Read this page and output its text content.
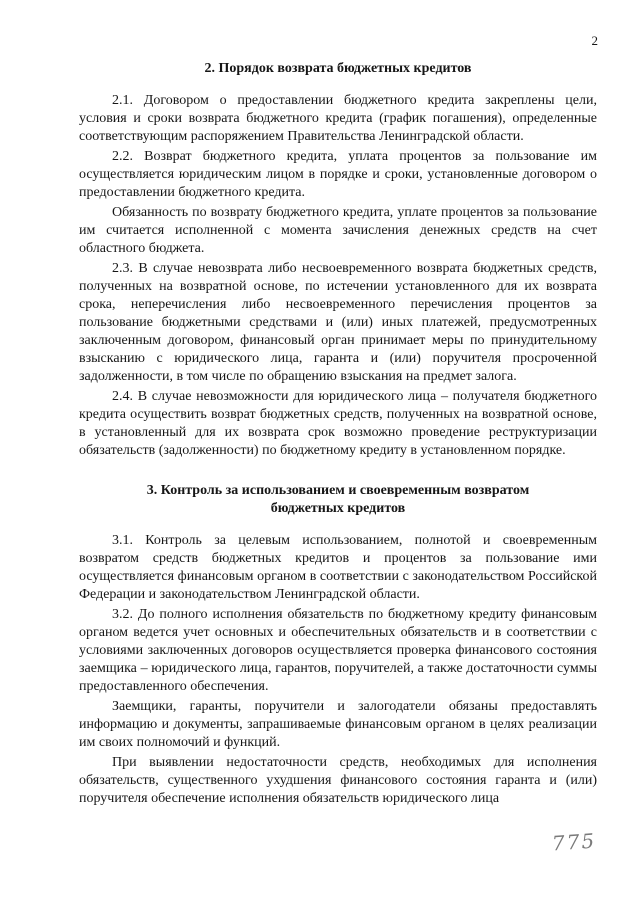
2

2. Порядок возврата бюджетных кредитов

2.1. Договором о предоставлении бюджетного кредита закреплены цели, условия и сроки возврата бюджетного кредита (график погашения), определенные соответствующим распоряжением Правительства Ленинградской области.

2.2. Возврат бюджетного кредита, уплата процентов за пользование им осуществляется юридическим лицом в порядке и сроки, установленные договором о предоставлении бюджетного кредита.

Обязанность по возврату бюджетного кредита, уплате процентов за пользование им считается исполненной с момента зачисления денежных средств на счет областного бюджета.

2.3. В случае невозврата либо несвоевременного возврата бюджетных средств, полученных на возвратной основе, по истечении установленного для их возврата срока, неперечисления либо несвоевременного перечисления процентов за пользование бюджетными средствами и (или) иных платежей, предусмотренных заключенным договором, финансовый орган принимает меры по принудительному взысканию с юридического лица, гаранта и (или) поручителя просроченной задолженности, в том числе по обращению взыскания на предмет залога.

2.4. В случае невозможности для юридического лица – получателя бюджетного кредита осуществить возврат бюджетных средств, полученных на возвратной основе, в установленный для их возврата срок возможно проведение реструктуризации обязательств (задолженности) по бюджетному кредиту в установленном порядке.

3. Контроль за использованием и своевременным возвратом
бюджетных кредитов

3.1. Контроль за целевым использованием, полнотой и своевременным возвратом средств бюджетных кредитов и процентов за пользование ими осуществляется финансовым органом в соответствии с законодательством Российской Федерации и законодательством Ленинградской области.

3.2. До полного исполнения обязательств по бюджетному кредиту финансовым органом ведется учет основных и обеспечительных обязательств и в соответствии с условиями заключенных договоров осуществляется проверка финансового состояния заемщика – юридического лица, гарантов, поручителей, а также достаточности суммы предоставленного обеспечения.

Заемщики, гаранты, поручители и залогодатели обязаны предоставлять информацию и документы, запрашиваемые финансовым органом в целях реализации им своих полномочий и функций.

При выявлении недостаточности средств, необходимых для исполнения обязательств, существенного ухудшения финансового состояния гаранта и (или) поручителя обеспечение исполнения обязательств юридического лица

775
